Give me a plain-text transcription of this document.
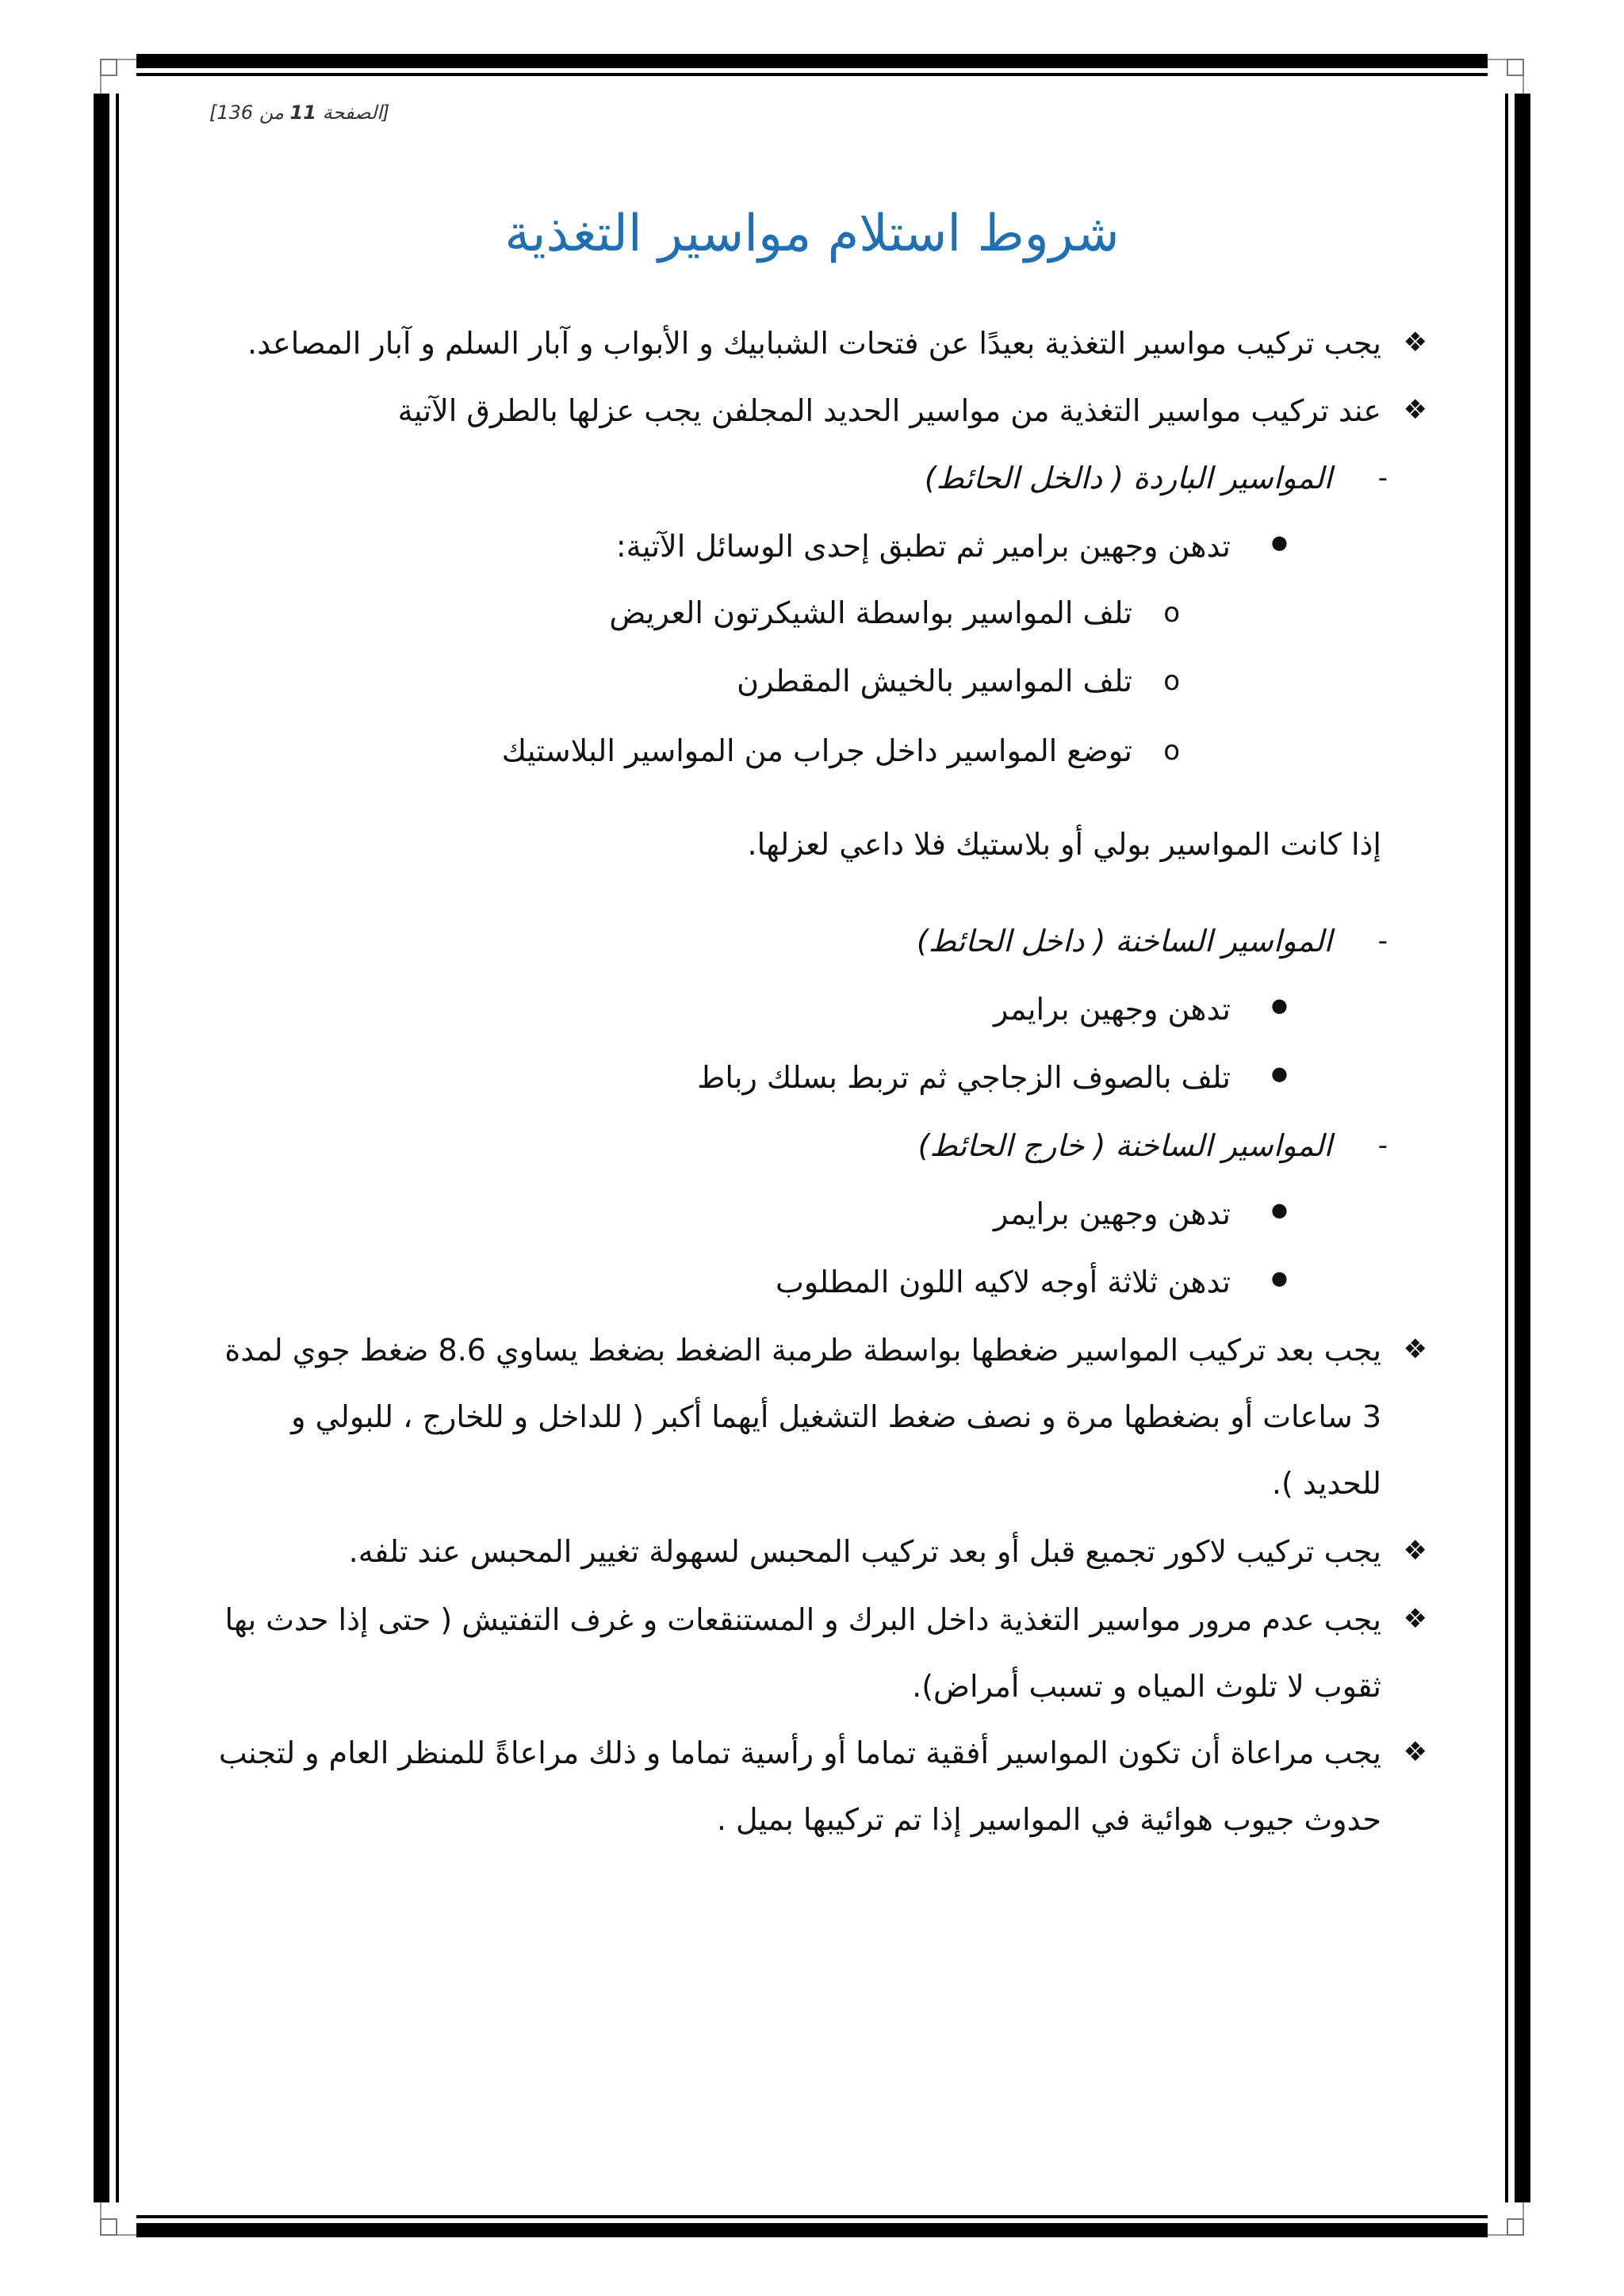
[الصفحة 11 من 136]
شروط استلام مواسير التغذية
❖
يجب تركيب مواسير التغذية بعيدًا عن فتحات الشبابيك و الأبواب و آبار السلم و آبار المصاعد.
❖
عند تركيب مواسير التغذية من مواسير الحديد المجلفن يجب عزلها بالطرق الآتية
-
المواسير الباردة ( دالخل الحائط)
●
تدهن وجهين برامير ثم تطبق إحدى الوسائل الآتية:
o
تلف المواسير بواسطة الشيكرتون العريض
o
تلف المواسير بالخيش المقطرن
o
توضع المواسير داخل جراب من المواسير البلاستيك
إذا كانت المواسير بولي أو بلاستيك فلا داعي لعزلها.
-
المواسير الساخنة ( داخل الحائط)
●
تدهن وجهين برايمر
●
تلف بالصوف الزجاجي ثم تربط بسلك رباط
-
المواسير الساخنة ( خارج الحائط)
●
تدهن وجهين برايمر
●
تدهن ثلاثة أوجه لاكيه اللون المطلوب
❖
يجب بعد تركيب المواسير ضغطها بواسطة طرمبة الضغط بضغط يساوي 8.6 ضغط جوي لمدة
3 ساعات أو بضغطها مرة و نصف ضغط التشغيل أيهما أكبر ( للداخل و للخارج ، للبولي و
للحديد ).
❖
يجب تركيب لاكور تجميع قبل أو بعد تركيب المحبس لسهولة تغيير المحبس عند تلفه.
❖
يجب عدم مرور مواسير التغذية داخل البرك و المستنقعات و غرف التفتيش ( حتى إذا حدث بها
ثقوب لا تلوث المياه و تسبب أمراض).
❖
يجب مراعاة أن تكون المواسير أفقية تماما أو رأسية تماما و ذلك مراعاةً للمنظر العام و لتجنب
حدوث جيوب هوائية في المواسير إذا تم تركيبها بميل .
